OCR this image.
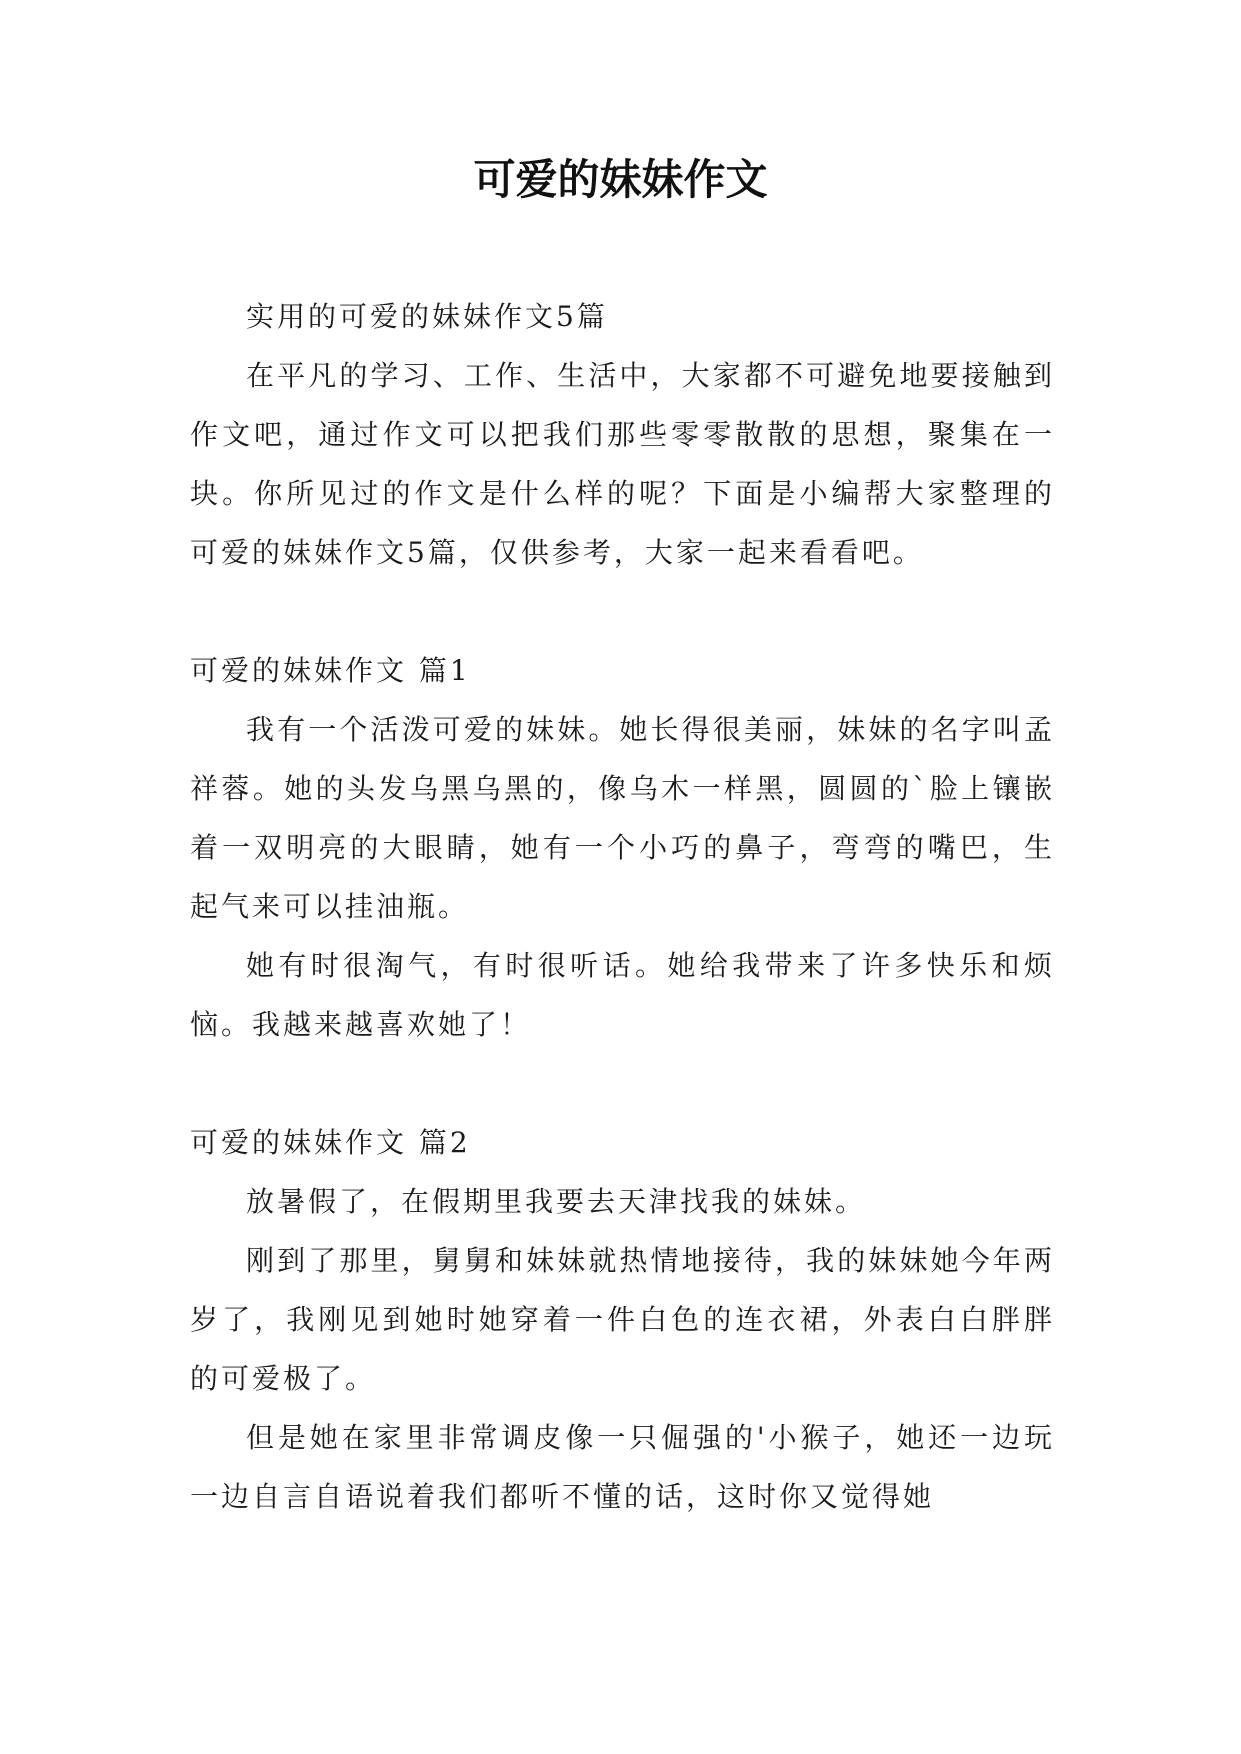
可爱的妹妹作文

实用的可爱的妹妹作文5篇

在平凡的学习、工作、生活中，大家都不可避免地要接触到作文吧，通过作文可以把我们那些零零散散的思想，聚集在一块。你所见过的作文是什么样的呢？下面是小编帮大家整理的可爱的妹妹作文5篇，仅供参考，大家一起来看看吧。

可爱的妹妹作文 篇1

我有一个活泼可爱的妹妹。她长得很美丽，妹妹的名字叫孟祥蓉。她的头发乌黑乌黑的，像乌木一样黑，圆圆的`脸上镶嵌着一双明亮的大眼睛，她有一个小巧的鼻子，弯弯的嘴巴，生起气来可以挂油瓶。

她有时很淘气，有时很听话。她给我带来了许多快乐和烦恼。我越来越喜欢她了！

可爱的妹妹作文 篇2

放暑假了，在假期里我要去天津找我的妹妹。

刚到了那里，舅舅和妹妹就热情地接待，我的妹妹她今年两岁了，我刚见到她时她穿着一件白色的连衣裙，外表白白胖胖的可爱极了。

但是她在家里非常调皮像一只倔强的'小猴子，她还一边玩一边自言自语说着我们都听不懂的话，这时你又觉得她
